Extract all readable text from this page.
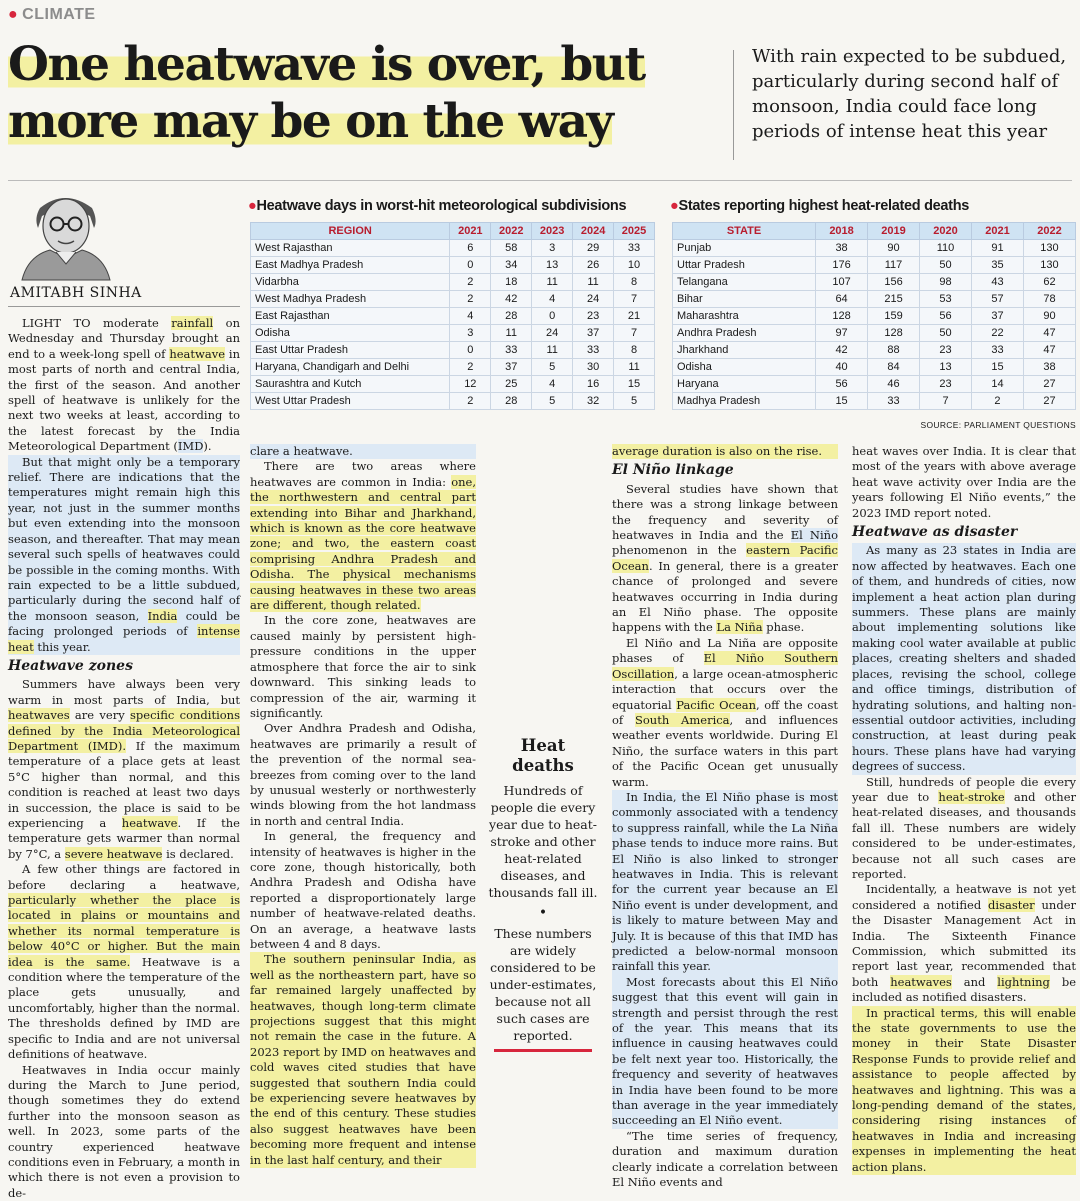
● CLIMATE
One heatwave is over, but
more may be on the way
With rain expected to be subdued, particularly during second half of monsoon, India could face long periods of intense heat this year
AMITABH SINHA
●Heatwave days in worst-hit meteorological subdivisions
REGION	2021	2022	2023	2024	2025
West Rajasthan	6	58	3	29	33
East Madhya Pradesh	0	34	13	26	10
Vidarbha	2	18	11	11	8
West Madhya Pradesh	2	42	4	24	7
East Rajasthan	4	28	0	23	21
Odisha	3	11	24	37	7
East Uttar Pradesh	0	33	11	33	8
Haryana, Chandigarh and Delhi	2	37	5	30	11
Saurashtra and Kutch	12	25	4	16	15
West Uttar Pradesh	2	28	5	32	5
●States reporting highest heat-related deaths
STATE	2018	2019	2020	2021	2022
Punjab	38	90	110	91	130
Uttar Pradesh	176	117	50	35	130
Telangana	107	156	98	43	62
Bihar	64	215	53	57	78
Maharashtra	128	159	56	37	90
Andhra Pradesh	97	128	50	22	47
Jharkhand	42	88	23	33	47
Odisha	40	84	13	15	38
Haryana	56	46	23	14	27
Madhya Pradesh	15	33	7	2	27
SOURCE: PARLIAMENT QUESTIONS

LIGHT TO moderate rainfall on Wednesday and Thursday brought an end to a week-long spell of heatwave in most parts of north and central India, the first of the season. And another spell of heatwave is unlikely for the next two weeks at least, according to the latest forecast by the India Meteorological Department (IMD).

But that might only be a temporary relief. There are indications that the temperatures might remain high this year, not just in the summer months but even extending into the monsoon season, and thereafter. That may mean several such spells of heatwaves could be possible in the coming months. With rain expected to be a little subdued, particularly during the second half of the monsoon season, India could be facing prolonged periods of intense heat this year.

Heatwave zones

Summers have always been very warm in most parts of India, but heatwaves are very specific conditions defined by the India Meteorological Department (IMD). If the maximum temperature of a place gets at least 5°C higher than normal, and this condition is reached at least two days in succession, the place is said to be experiencing a heatwave. If the temperature gets warmer than normal by 7°C, a severe heatwave is declared.

A few other things are factored in before declaring a heatwave, particularly whether the place is located in plains or mountains and whether its normal temperature is below 40°C or higher. But the main idea is the same. Heatwave is a condition where the temperature of the place gets unusually, and uncomfortably, higher than the normal. The thresholds defined by IMD are specific to India and are not universal definitions of heatwave.

Heatwaves in India occur mainly during the March to June period, though sometimes they do extend further into the monsoon season as well. In 2023, some parts of the country experienced heatwave conditions even in February, a month in which there is not even a provision to de-

clare a heatwave.

There are two areas where heatwaves are common in India: one, the northwestern and central part extending into Bihar and Jharkhand, which is known as the core heatwave zone; and two, the eastern coast comprising Andhra Pradesh and Odisha. The physical mechanisms causing heatwaves in these two areas are different, though related.

In the core zone, heatwaves are caused mainly by persistent high-pressure conditions in the upper atmosphere that force the air to sink downward. This sinking leads to compression of the air, warming it significantly.

Over Andhra Pradesh and Odisha, heatwaves are primarily a result of the prevention of the normal sea-breezes from coming over to the land by unusual westerly or northwesterly winds blowing from the hot landmass in north and central India.

In general, the frequency and intensity of heatwaves is higher in the core zone, though historically, both Andhra Pradesh and Odisha have reported a disproportionately large number of heatwave-related deaths. On an average, a heatwave lasts between 4 and 8 days.

The southern peninsular India, as well as the northeastern part, have so far remained largely unaffected by heatwaves, though long-term climate projections suggest that this might not remain the case in the future. A 2023 report by IMD on heatwaves and cold waves cited studies that have suggested that southern India could be experiencing severe heatwaves by the end of this century. These studies also suggest heatwaves have been becoming more frequent and intense in the last half century, and their

Heat deaths
Hundreds of people die every year due to heat-stroke and other heat-related diseases, and thousands fall ill.
•
These numbers are widely considered to be under-estimates, because not all such cases are reported.

average duration is also on the rise.

El Niño linkage

Several studies have shown that there was a strong linkage between the frequency and severity of heatwaves in India and the El Niño phenomenon in the eastern Pacific Ocean. In general, there is a greater chance of prolonged and severe heatwaves occurring in India during an El Niño phase. The opposite happens with the La Niña phase.

El Niño and La Niña are opposite phases of El Niño Southern Oscillation, a large ocean-atmospheric interaction that occurs over the equatorial Pacific Ocean, off the coast of South America, and influences weather events worldwide. During El Niño, the surface waters in this part of the Pacific Ocean get unusually warm.

In India, the El Niño phase is most commonly associated with a tendency to suppress rainfall, while the La Niña phase tends to induce more rains. But El Niño is also linked to stronger heatwaves in India. This is relevant for the current year because an El Niño event is under development, and is likely to mature between May and July. It is because of this that IMD has predicted a below-normal monsoon rainfall this year.

Most forecasts about this El Niño suggest that this event will gain in strength and persist through the rest of the year. This means that its influence in causing heatwaves could be felt next year too. Historically, the frequency and severity of heatwaves in India have been found to be more than average in the year immediately succeeding an El Niño event.

“The time series of frequency, duration and maximum duration clearly indicate a correlation between El Niño events and

heat waves over India. It is clear that most of the years with above average heat wave activity over India are the years following El Niño events,” the 2023 IMD report noted.

Heatwave as disaster

As many as 23 states in India are now affected by heatwaves. Each one of them, and hundreds of cities, now implement a heat action plan during summers. These plans are mainly about implementing solutions like making cool water available at public places, creating shelters and shaded places, revising the school, college and office timings, distribution of hydrating solutions, and halting non-essential outdoor activities, including construction, at least during peak hours. These plans have had varying degrees of success.

Still, hundreds of people die every year due to heat-stroke and other heat-related diseases, and thousands fall ill. These numbers are widely considered to be under-estimates, because not all such cases are reported.

Incidentally, a heatwave is not yet considered a notified disaster under the Disaster Management Act in India. The Sixteenth Finance Commission, which submitted its report last year, recommended that both heatwaves and lightning be included as notified disasters.

In practical terms, this will enable the state governments to use the money in their State Disaster Response Funds to provide relief and assistance to people affected by heatwaves and lightning. This was a long-pending demand of the states, considering rising instances of heatwaves in India and increasing expenses in implementing the heat action plans.
